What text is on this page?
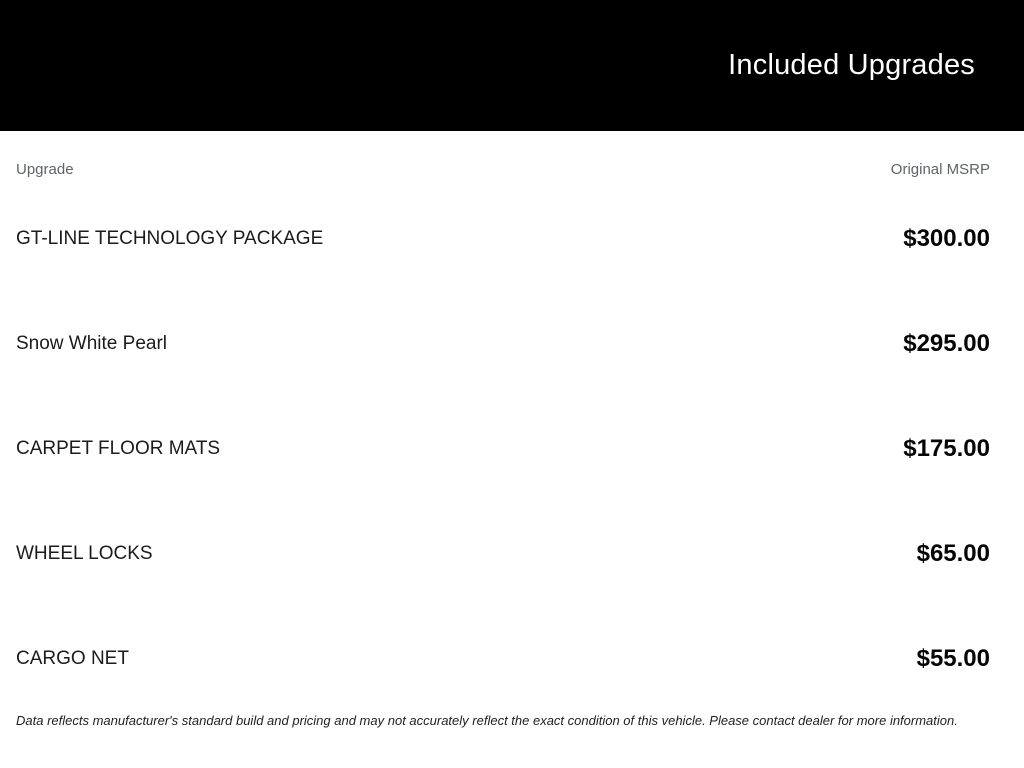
Included Upgrades
Upgrade	Original MSRP
GT-LINE TECHNOLOGY PACKAGE	$300.00
Snow White Pearl	$295.00
CARPET FLOOR MATS	$175.00
WHEEL LOCKS	$65.00
CARGO NET	$55.00

Data reflects manufacturer's standard build and pricing and may not accurately reflect the exact condition of this vehicle. Please contact dealer for more information.
